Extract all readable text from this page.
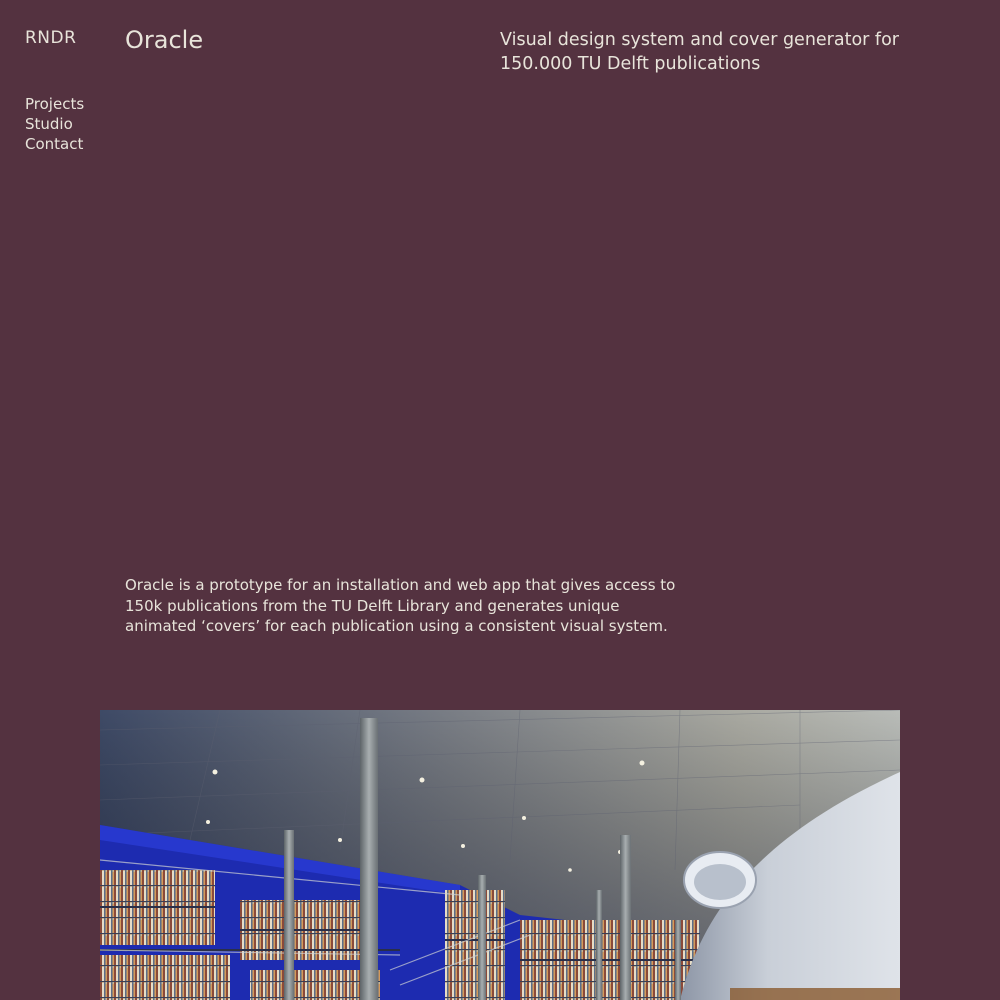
RNDR
Projects
Studio
Contact
Oracle	Visual design system and cover generator for 150.000 TU Delft publications

Oracle is a prototype for an installation and web app that gives access to 150k publications from the TU Delft Library and generates unique animated ‘covers’ for each publication using a consistent visual system.
